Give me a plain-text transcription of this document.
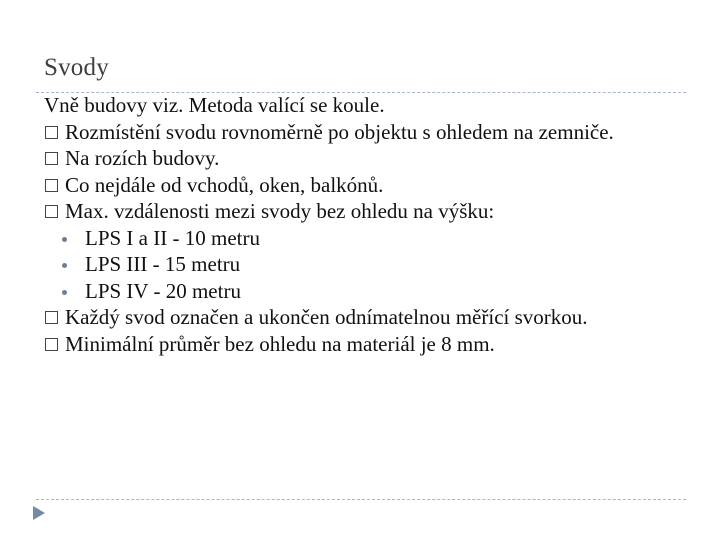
Svody
Vně budovy viz. Metoda valící se koule.
Rozmístění svodu rovnoměrně po objektu s ohledem na zemniče.
Na rozích budovy.
Co nejdále od vchodů, oken, balkónů.
Max. vzdálenosti mezi svody bez ohledu na výšku:
LPS I a II - 10 metru
LPS III - 15 metru
LPS IV - 20 metru
Každý svod označen a ukončen odnímatelnou měřící svorkou.
Minimální průměr bez ohledu na materiál je 8 mm.
